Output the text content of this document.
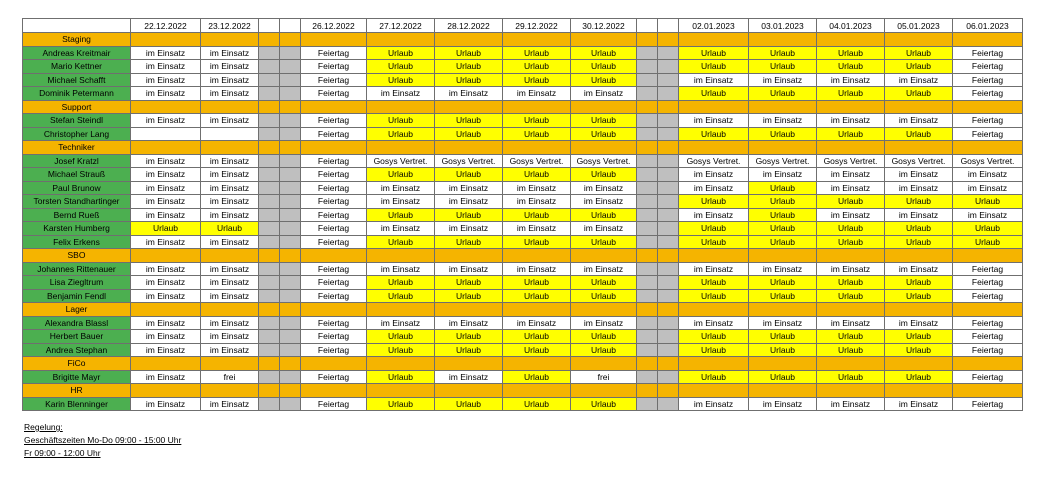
	22.12.2022	23.12.2022			26.12.2022	27.12.2022	28.12.2022	29.12.2022	30.12.2022			02.01.2023	03.01.2023	04.01.2023	05.01.2023	06.01.2023
Staging																
Andreas Kreitmair	im Einsatz	im Einsatz			Feiertag	Urlaub	Urlaub	Urlaub	Urlaub			Urlaub	Urlaub	Urlaub	Urlaub	Feiertag
Mario Kettner	im Einsatz	im Einsatz			Feiertag	Urlaub	Urlaub	Urlaub	Urlaub			Urlaub	Urlaub	Urlaub	Urlaub	Feiertag
Michael Schafft	im Einsatz	im Einsatz			Feiertag	Urlaub	Urlaub	Urlaub	Urlaub			im Einsatz	im Einsatz	im Einsatz	im Einsatz	Feiertag
Dominik Petermann	im Einsatz	im Einsatz			Feiertag	im Einsatz	im Einsatz	im Einsatz	im Einsatz			Urlaub	Urlaub	Urlaub	Urlaub	Feiertag
Support																
Stefan Steindl	im Einsatz	im Einsatz			Feiertag	Urlaub	Urlaub	Urlaub	Urlaub			im Einsatz	im Einsatz	im Einsatz	im Einsatz	Feiertag
Christopher Lang					Feiertag	Urlaub	Urlaub	Urlaub	Urlaub			Urlaub	Urlaub	Urlaub	Urlaub	Feiertag
Techniker																
Josef Kratzl	im Einsatz	im Einsatz			Feiertag	Gosys Vertret.	Gosys Vertret.	Gosys Vertret.	Gosys Vertret.			Gosys Vertret.	Gosys Vertret.	Gosys Vertret.	Gosys Vertret.	Gosys Vertret.
Michael Strauß	im Einsatz	im Einsatz			Feiertag	Urlaub	Urlaub	Urlaub	Urlaub			im Einsatz	im Einsatz	im Einsatz	im Einsatz	im Einsatz
Paul Brunow	im Einsatz	im Einsatz			Feiertag	im Einsatz	im Einsatz	im Einsatz	im Einsatz			im Einsatz	Urlaub	im Einsatz	im Einsatz	im Einsatz
Torsten Standhartinger	im Einsatz	im Einsatz			Feiertag	im Einsatz	im Einsatz	im Einsatz	im Einsatz			Urlaub	Urlaub	Urlaub	Urlaub	Urlaub
Bernd Rueß	im Einsatz	im Einsatz			Feiertag	Urlaub	Urlaub	Urlaub	Urlaub			im Einsatz	Urlaub	im Einsatz	im Einsatz	im Einsatz
Karsten Humberg	Urlaub	Urlaub			Feiertag	im Einsatz	im Einsatz	im Einsatz	im Einsatz			Urlaub	Urlaub	Urlaub	Urlaub	Urlaub
Felix Erkens	im Einsatz	im Einsatz			Feiertag	Urlaub	Urlaub	Urlaub	Urlaub			Urlaub	Urlaub	Urlaub	Urlaub	Urlaub
SBO																
Johannes Rittenauer	im Einsatz	im Einsatz			Feiertag	im Einsatz	im Einsatz	im Einsatz	im Einsatz			im Einsatz	im Einsatz	im Einsatz	im Einsatz	Feiertag
Lisa Ziegltrum	im Einsatz	im Einsatz			Feiertag	Urlaub	Urlaub	Urlaub	Urlaub			Urlaub	Urlaub	Urlaub	Urlaub	Feiertag
Benjamin Fendl	im Einsatz	im Einsatz			Feiertag	Urlaub	Urlaub	Urlaub	Urlaub			Urlaub	Urlaub	Urlaub	Urlaub	Feiertag
Lager																
Alexandra Blassl	im Einsatz	im Einsatz			Feiertag	im Einsatz	im Einsatz	im Einsatz	im Einsatz			im Einsatz	im Einsatz	im Einsatz	im Einsatz	Feiertag
Herbert Bauer	im Einsatz	im Einsatz			Feiertag	Urlaub	Urlaub	Urlaub	Urlaub			Urlaub	Urlaub	Urlaub	Urlaub	Feiertag
Andrea Stephan	im Einsatz	im Einsatz			Feiertag	Urlaub	Urlaub	Urlaub	Urlaub			Urlaub	Urlaub	Urlaub	Urlaub	Feiertag
FiCo																
Brigitte Mayr	im Einsatz	frei			Feiertag	Urlaub	im Einsatz	Urlaub	frei			Urlaub	Urlaub	Urlaub	Urlaub	Feiertag
HR																
Karin Blenninger	im Einsatz	im Einsatz			Feiertag	Urlaub	Urlaub	Urlaub	Urlaub			im Einsatz	im Einsatz	im Einsatz	im Einsatz	Feiertag
Regelung:
Geschäftszeiten Mo-Do 09:00 - 15:00 Uhr
Fr 09:00 - 12:00 Uhr
